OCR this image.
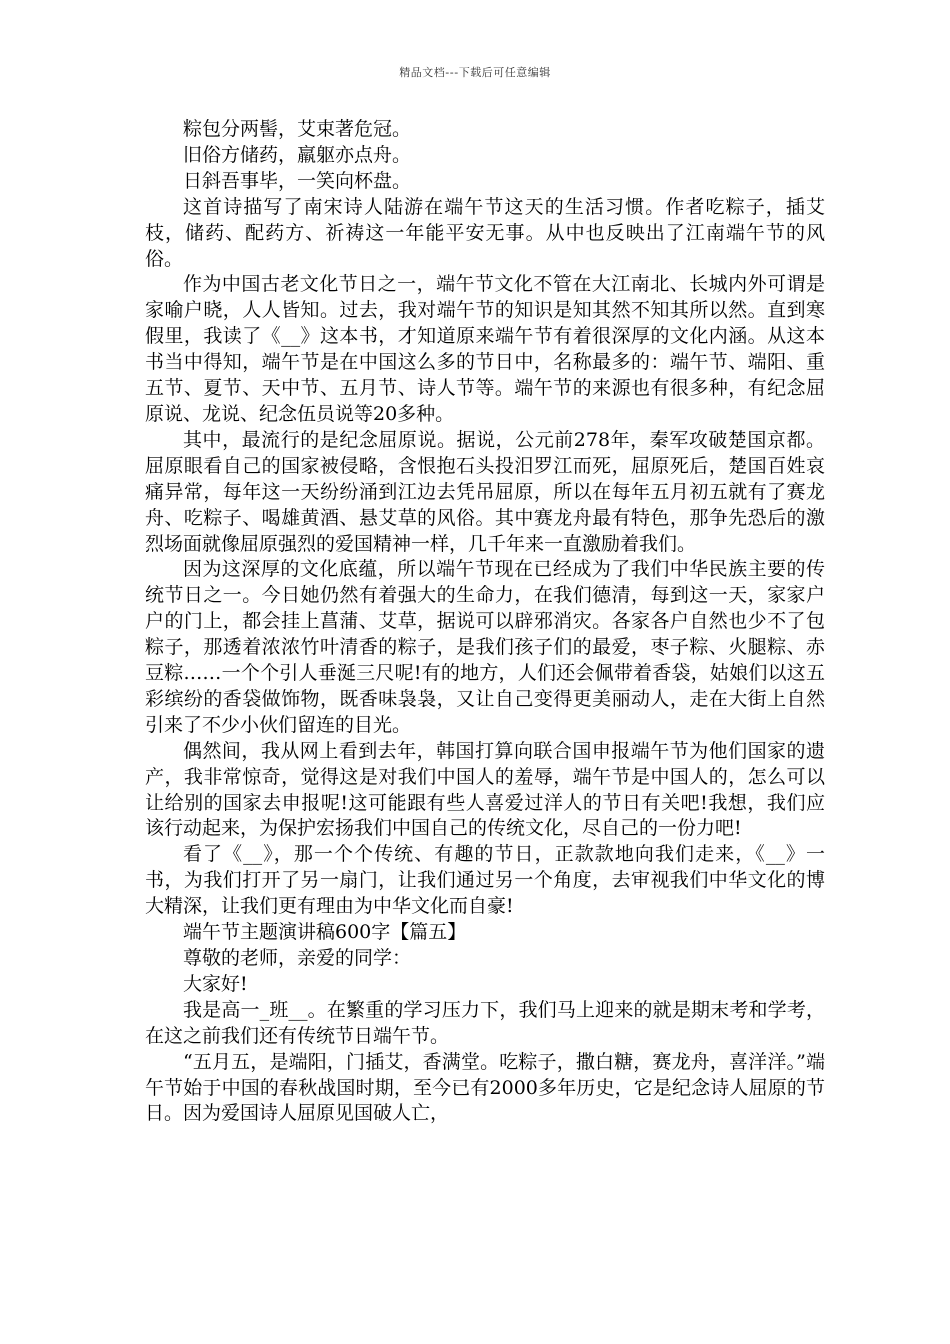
精品文档---下载后可任意编辑

粽包分两髻，艾束著危冠。

旧俗方储药，羸躯亦点舟。

日斜吾事毕，一笑向杯盘。

这首诗描写了南宋诗人陆游在端午节这天的生活习惯。作者吃粽子，插艾枝，储药、配药方、祈祷这一年能平安无事。从中也反映出了江南端午节的风俗。

作为中国古老文化节日之一，端午节文化不管在大江南北、长城内外可谓是家喻户晓，人人皆知。过去，我对端午节的知识是知其然不知其所以然。直到寒假里，我读了《__》这本书，才知道原来端午节有着很深厚的文化内涵。从这本书当中得知，端午节是在中国这么多的节日中，名称最多的：端午节、端阳、重五节、夏节、天中节、五月节、诗人节等。端午节的来源也有很多种，有纪念屈原说、龙说、纪念伍员说等20多种。

其中，最流行的是纪念屈原说。据说，公元前278年，秦军攻破楚国京都。屈原眼看自己的国家被侵略，含恨抱石头投汨罗江而死，屈原死后，楚国百姓哀痛异常，每年这一天纷纷涌到江边去凭吊屈原，所以在每年五月初五就有了赛龙舟、吃粽子、喝雄黄酒、悬艾草的风俗。其中赛龙舟最有特色，那争先恐后的激烈场面就像屈原强烈的爱国精神一样，几千年来一直激励着我们。

因为这深厚的文化底蕴，所以端午节现在已经成为了我们中华民族主要的传统节日之一。今日她仍然有着强大的生命力，在我们德清，每到这一天，家家户户的门上，都会挂上菖蒲、艾草，据说可以辟邪消灾。各家各户自然也少不了包粽子，那透着浓浓竹叶清香的粽子，是我们孩子们的最爱，枣子粽、火腿粽、赤豆粽……一个个引人垂涎三尺呢!有的地方，人们还会佩带着香袋，姑娘们以这五彩缤纷的香袋做饰物，既香味袅袅，又让自己变得更美丽动人，走在大街上自然引来了不少小伙们留连的目光。

偶然间，我从网上看到去年，韩国打算向联合国申报端午节为他们国家的遗产，我非常惊奇，觉得这是对我们中国人的羞辱，端午节是中国人的，怎么可以让给别的国家去申报呢!这可能跟有些人喜爱过洋人的节日有关吧!我想，我们应该行动起来，为保护宏扬我们中国自己的传统文化，尽自己的一份力吧!

看了《__》，那一个个传统、有趣的节日，正款款地向我们走来，《__》一书，为我们打开了另一扇门，让我们通过另一个角度，去审视我们中华文化的博大精深，让我们更有理由为中华文化而自豪!

端午节主题演讲稿600字【篇五】

尊敬的老师，亲爱的同学：

大家好!

我是高一_班__。在繁重的学习压力下，我们马上迎来的就是期末考和学考，在这之前我们还有传统节日端午节。

“五月五，是端阳，门插艾，香满堂。吃粽子，撒白糖，赛龙舟，喜洋洋。”端午节始于中国的春秋战国时期，至今已有2000多年历史，它是纪念诗人屈原的节日。因为爱国诗人屈原见国破人亡，
